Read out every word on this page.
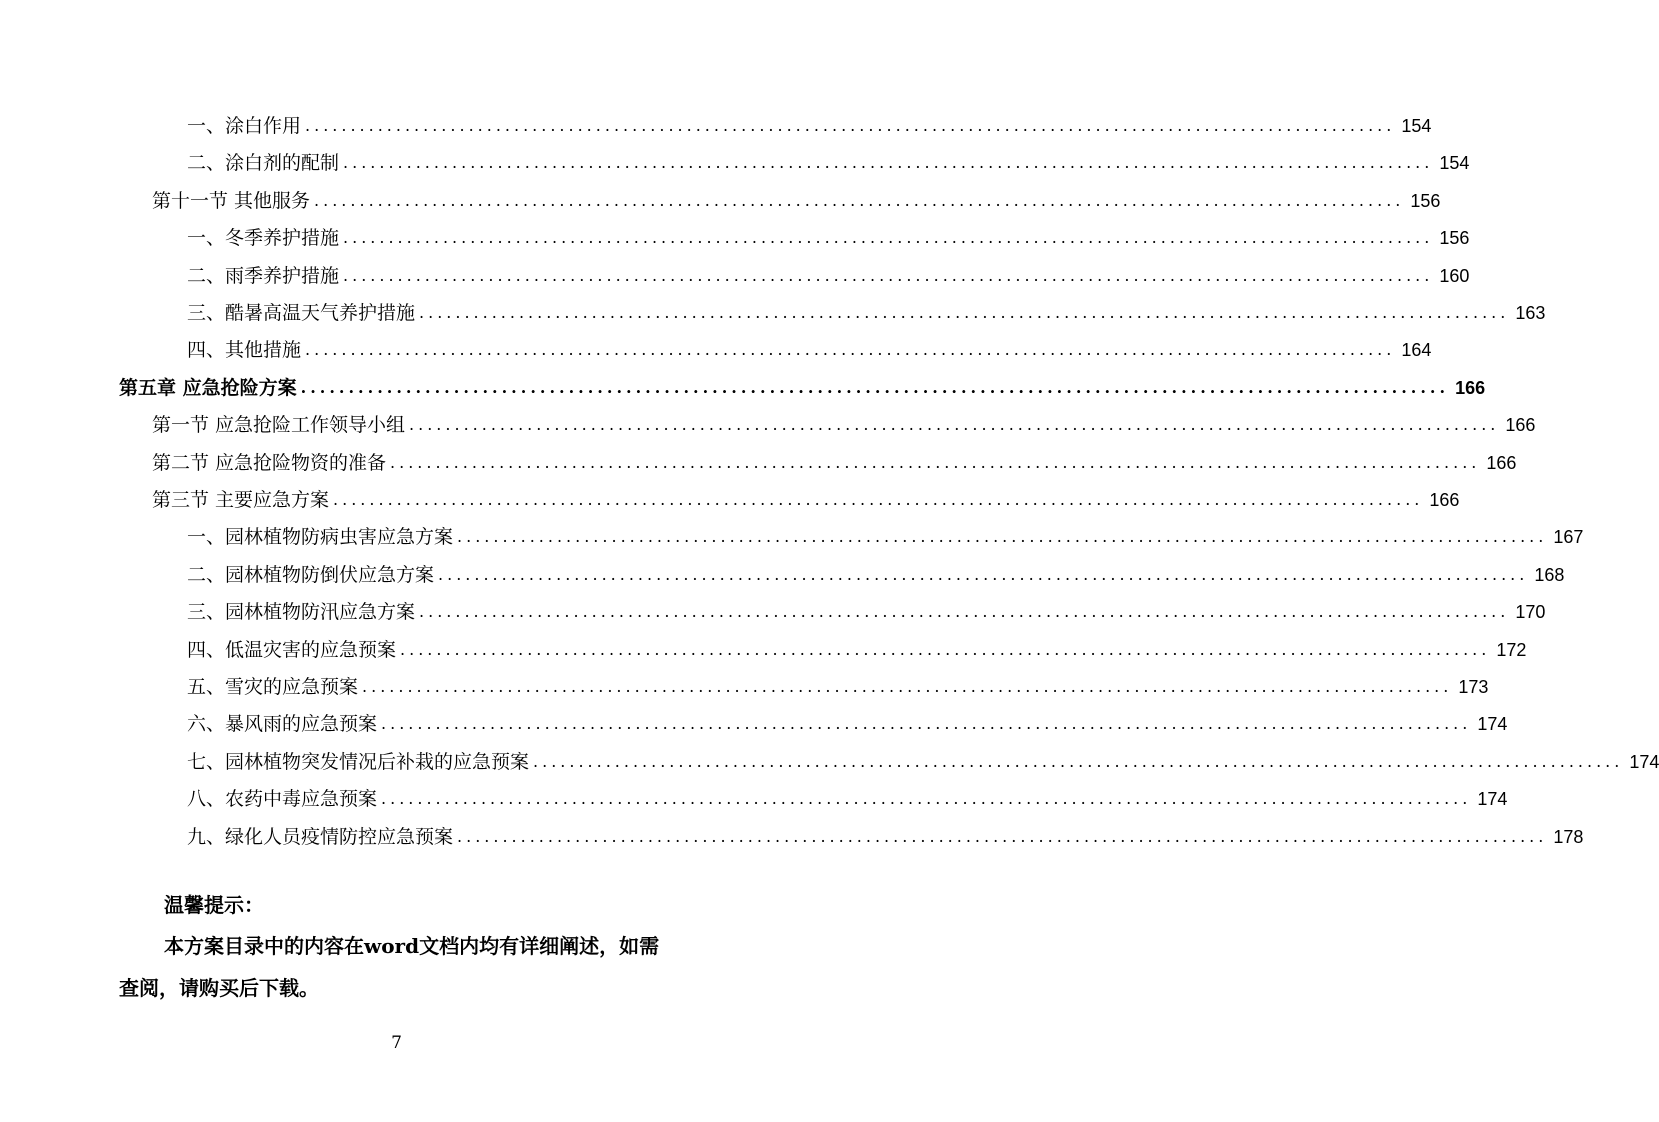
一、涂白作用 ........................................................................................................................ 154
二、涂白剂的配制 ........................................................................................................................ 154
第十一节 其他服务 ........................................................................................................................ 156
一、冬季养护措施 ........................................................................................................................ 156
二、雨季养护措施 ........................................................................................................................ 160
三、酷暑高温天气养护措施 ........................................................................................................................ 163
四、其他措施 ........................................................................................................................ 164
第五章 应急抢险方案 ........................................................................................................................ 166
第一节 应急抢险工作领导小组 ........................................................................................................................ 166
第二节 应急抢险物资的准备 ........................................................................................................................ 166
第三节 主要应急方案 ........................................................................................................................ 166
一、园林植物防病虫害应急方案 ........................................................................................................................ 167
二、园林植物防倒伏应急方案 ........................................................................................................................ 168
三、园林植物防汛应急方案 ........................................................................................................................ 170
四、低温灾害的应急预案 ........................................................................................................................ 172
五、雪灾的应急预案 ........................................................................................................................ 173
六、暴风雨的应急预案 ........................................................................................................................ 174
七、园林植物突发情况后补栽的应急预案 ........................................................................................................................ 174
八、农药中毒应急预案 ........................................................................................................................ 174
九、绿化人员疫情防控应急预案 ........................................................................................................................ 178
温馨提示：
本方案目录中的内容在word文档内均有详细阐述，如需查阅，请购买后下载。
7
